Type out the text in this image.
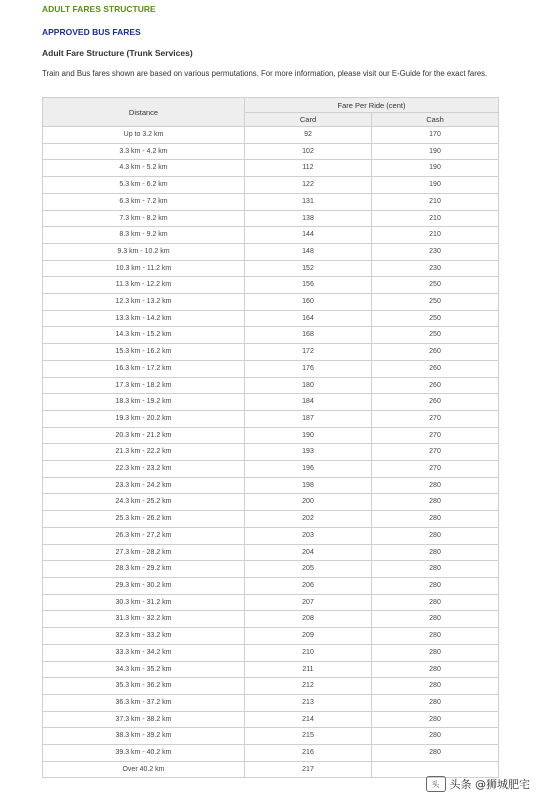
ADULT FARES STRUCTURE
APPROVED BUS FARES
Adult Fare Structure (Trunk Services)
Train and Bus fares shown are based on various permutations. For more information, please visit our E-Guide for the exact fares.
Distance	Fare Per Ride (cent)	
	Card	Cash
Up to 3.2 km	92	170
3.3 km - 4.2 km	102	190
4.3 km - 5.2 km	112	190
5.3 km - 6.2 km	122	190
6.3 km - 7.2 km	131	210
7.3 km - 8.2 km	138	210
8.3 km - 9.2 km	144	210
9.3 km - 10.2 km	148	230
10.3 km - 11.2 km	152	230
11.3 km - 12.2 km	156	250
12.3 km - 13.2 km	160	250
13.3 km - 14.2 km	164	250
14.3 km - 15.2 km	168	250
15.3 km - 16.2 km	172	260
16.3 km - 17.2 km	176	260
17.3 km - 18.2 km	180	260
18.3 km - 19.2 km	184	260
19.3 km - 20.2 km	187	270
20.3 km - 21.2 km	190	270
21.3 km - 22.2 km	193	270
22.3 km - 23.2 km	196	270
23.3 km - 24.2 km	198	280
24.3 km - 25.2 km	200	280
25.3 km - 26.2 km	202	280
26.3 km - 27.2 km	203	280
27.3 km - 28.2 km	204	280
28.3 km - 29.2 km	205	280
29.3 km - 30.2 km	206	280
30.3 km - 31.2 km	207	280
31.3 km - 32.2 km	208	280
32.3 km - 33.2 km	209	280
33.3 km - 34.2 km	210	280
34.3 km - 35.2 km	211	280
35.3 km - 36.2 km	212	280
36.3 km - 37.2 km	213	280
37.3 km - 38.2 km	214	280
38.3 km - 39.2 km	215	280
39.3 km - 40.2 km	216	280
Over 40.2 km	217	
头 头条 @狮城肥宅
